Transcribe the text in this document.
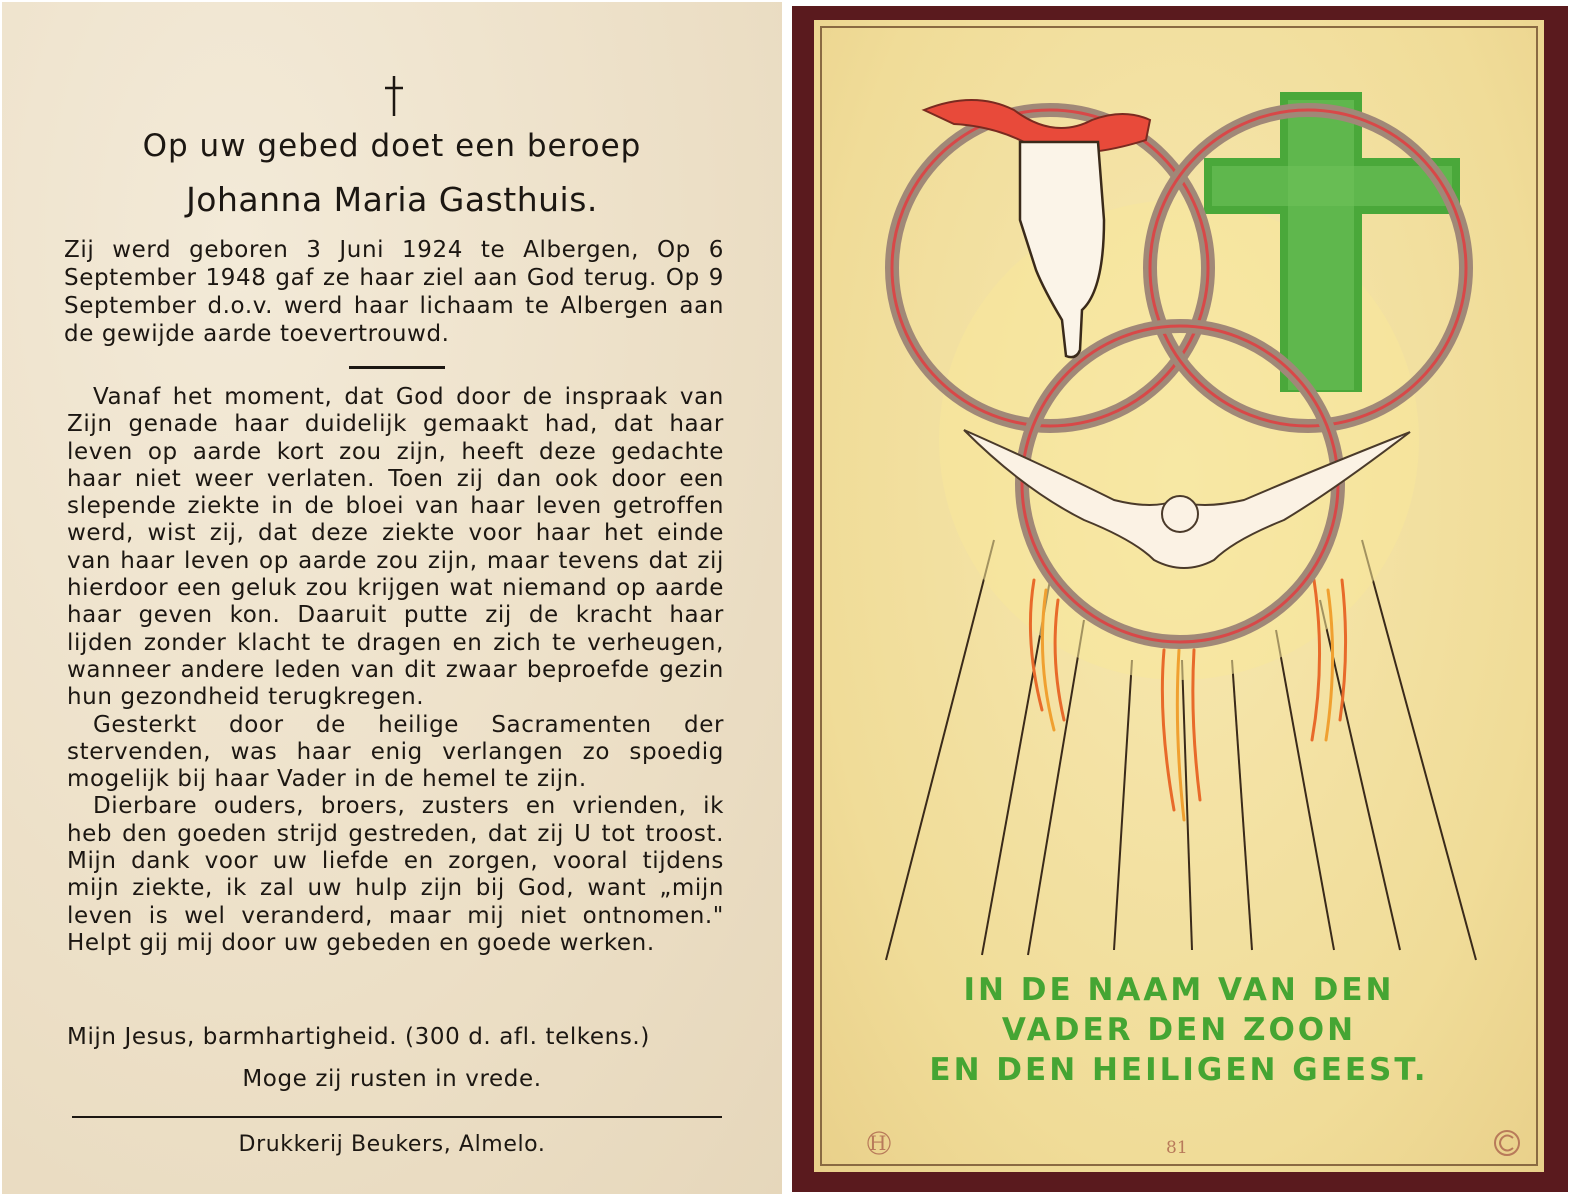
Op uw gebed doet een beroep
Johanna Maria Gasthuis.

Zij werd geboren 3 Juni 1924 te Albergen, Op 6 September 1948 gaf ze haar ziel aan God terug. Op 9 September d.o.v. werd haar lichaam te Albergen aan de gewijde aarde toevertrouwd.

Vanaf het moment, dat God door de inspraak van Zijn genade haar duidelijk gemaakt had, dat haar leven op aarde kort zou zijn, heeft deze gedachte haar niet weer verlaten. Toen zij dan ook door een slepende ziekte in de bloei van haar leven getroffen werd, wist zij, dat deze ziekte voor haar het einde van haar leven op aarde zou zijn, maar tevens dat zij hierdoor een geluk zou krijgen wat niemand op aarde haar geven kon. Daaruit putte zij de kracht haar lijden zonder klacht te dragen en zich te verheugen, wanneer andere leden van dit zwaar beproefde gezin hun gezondheid terugkregen.

Gesterkt door de heilige Sacramenten der stervenden, was haar enig verlangen zo spoedig mogelijk bij haar Vader in de hemel te zijn.

Dierbare ouders, broers, zusters en vrienden, ik heb den goeden strijd gestreden, dat zij U tot troost. Mijn dank voor uw liefde en zorgen, vooral tijdens mijn ziekte, ik zal uw hulp zijn bij God, want „mijn leven is wel veranderd, maar mij niet ontnomen." Helpt gij mij door uw gebeden en goede werken.

Mijn Jesus, barmhartigheid. (300 d. afl. telkens.)
Moge zij rusten in vrede.
Drukkerij Beukers, Almelo.
IN DE NAAM VAN DEN
VADER DEN ZOON
EN DEN HEILIGEN GEEST.
H	81
